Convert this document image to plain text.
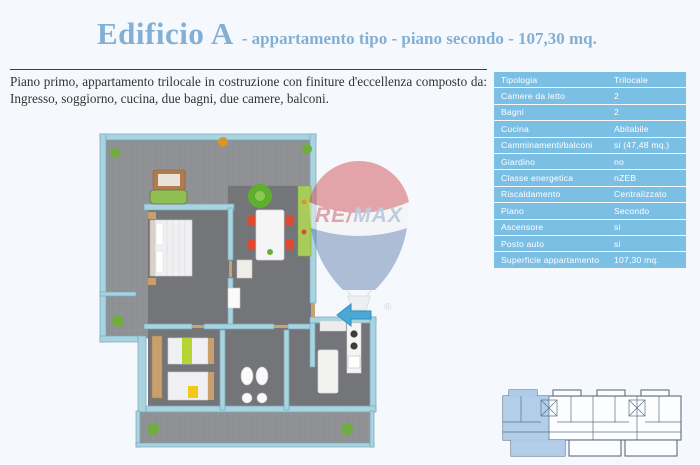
Edificio A - appartamento tipo - piano secondo - 107,30 mq.
Piano primo, appartamento trilocale in costruzione con finiture d'eccellenza composto da: Ingresso, soggiorno, cucina, due bagni, due camere, balconi.
Tipologia	Trilocale
Camere da letto	2
Bagni	2
Cucina	Abitabile
Camminamenti/balconi	si (47,48 mq.)
Giardino	no
Classe energetica	nZEB
Riscaldamento	Centralizzato
Piano	Secondo
Ascensore	si
Posto auto	si
Superficie appartamento	107,30 mq.
RE/MAX
®
